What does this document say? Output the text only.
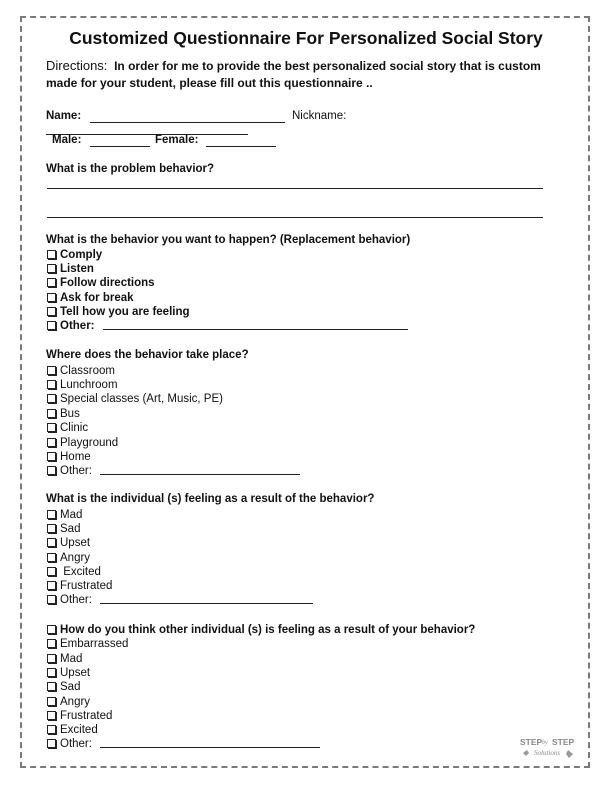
Customized Questionnaire For Personalized Social Story
Directions: In order for me to provide the best personalized social story that is custom
made for your student, please fill out this questionnaire ..
Name:	Nickname:
Male:	Female:
What is the problem behavior?
What is the behavior you want to happen? (Replacement behavior)
Comply
Listen
Follow directions
Ask for break
Tell how you are feeling
Other:
Where does the behavior take place?
Classroom
Lunchroom
Special classes (Art, Music, PE)
Bus
Clinic
Playground
Home
Other:
What is the individual (s) feeling as a result of the behavior?
Mad
Sad
Upset
Angry
Excited
Frustrated
Other:
How do you think other individual (s) is feeling as a result of your behavior?
Embarrassed
Mad
Upset
Sad
Angry
Frustrated
Excited
Other:	STEP by STEP
Solutions
